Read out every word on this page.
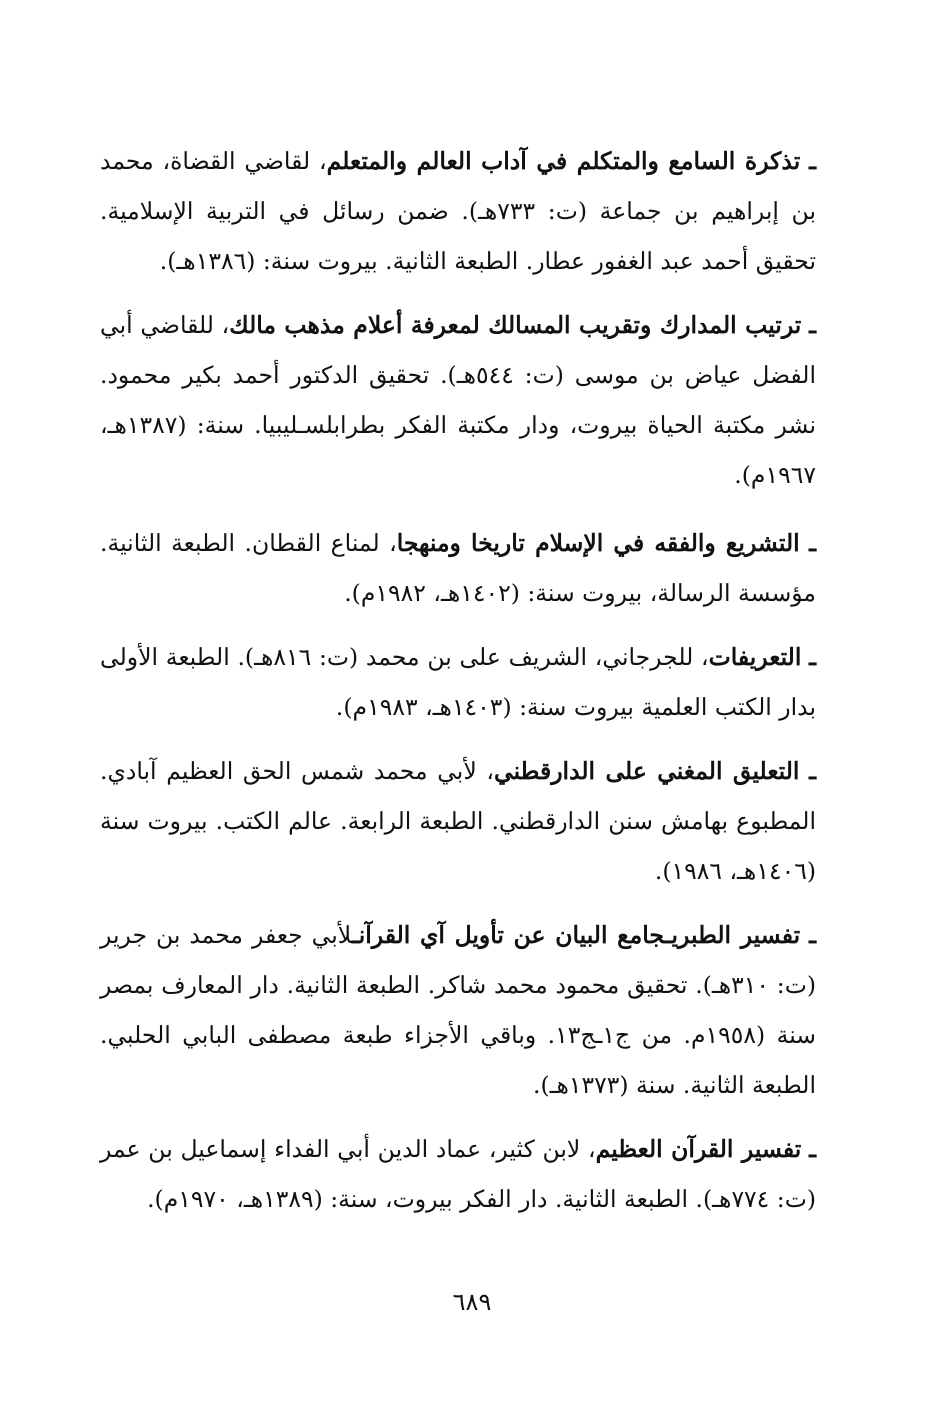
ـ تذكرة السامع والمتكلم في آداب العالم والمتعلم، لقاضي القضاة، محمد بن إبراهيم بن جماعة (ت: ٧٣٣هـ). ضمن رسائل في التربية الإسلامية. تحقيق أحمد عبد الغفور عطار. الطبعة الثانية. بيروت سنة: (١٣٨٦هـ).

ـ ترتيب المدارك وتقريب المسالك لمعرفة أعلام مذهب مالك، للقاضي أبي الفضل عياض بن موسى (ت: ٥٤٤هـ). تحقيق الدكتور أحمد بكير محمود. نشر مكتبة الحياة بيروت، ودار مكتبة الفكر بطرابلسـليبيا. سنة: (١٣٨٧هـ، ١٩٦٧م).

ـ التشريع والفقه في الإسلام تاريخا ومنهجا، لمناع القطان. الطبعة الثانية. مؤسسة الرسالة، بيروت سنة: (١٤٠٢هـ، ١٩٨٢م).

ـ التعريفات، للجرجاني، الشريف على بن محمد (ت: ٨١٦هـ). الطبعة الأولى بدار الكتب العلمية بيروت سنة: (١٤٠٣هـ، ١٩٨٣م).

ـ التعليق المغني على الدارقطني، لأبي محمد شمس الحق العظيم آبادي. المطبوع بهامش سنن الدارقطني. الطبعة الرابعة. عالم الكتب. بيروت سنة (١٤٠٦هـ، ١٩٨٦).

ـ تفسير الطبريـجامع البيان عن تأويل آي القرآنـلأبي جعفر محمد بن جرير (ت: ٣١٠هـ). تحقيق محمود محمد شاكر. الطبعة الثانية. دار المعارف بمصر سنة (١٩٥٨م. من ج١ـج١٣. وباقي الأجزاء طبعة مصطفى البابي الحلبي. الطبعة الثانية. سنة (١٣٧٣هـ).

ـ تفسير القرآن العظيم، لابن كثير، عماد الدين أبي الفداء إسماعيل بن عمر (ت: ٧٧٤هـ). الطبعة الثانية. دار الفكر بيروت، سنة: (١٣٨٩هـ، ١٩٧٠م).

٦٨٩
